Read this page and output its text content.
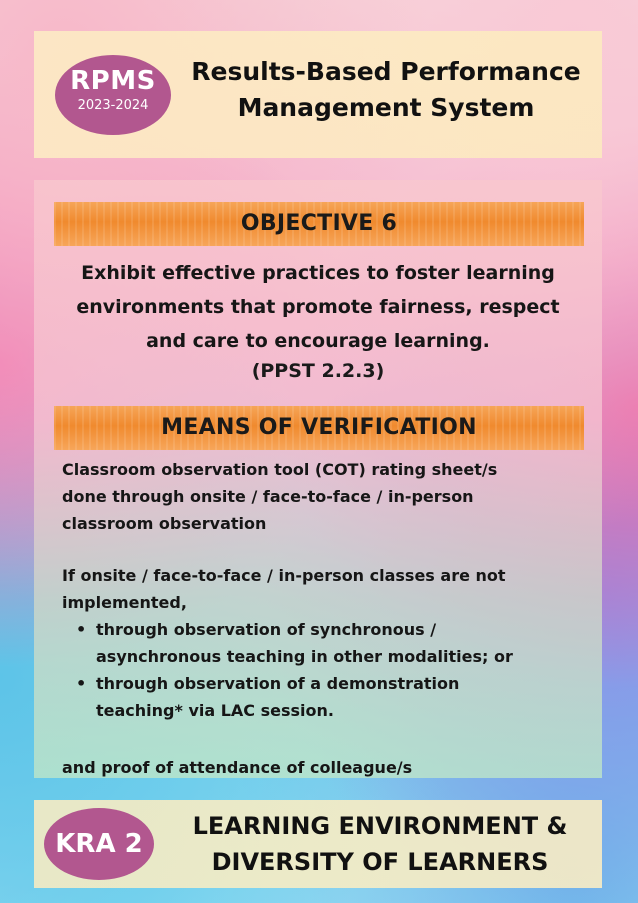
RPMS
2023-2024
Results-Based Performance
Management System
OBJECTIVE 6
Exhibit effective practices to foster learning
environments that promote fairness, respect
and care to encourage learning.
(PPST 2.2.3)
MEANS OF VERIFICATION
Classroom observation tool (COT) rating sheet/s
done through onsite / face-to-face / in-person
classroom observation
If onsite / face-to-face / in-person classes are not
implemented,
• through observation of synchronous /
asynchronous teaching in other modalities; or
• through observation of a demonstration
teaching* via LAC session.
and proof of attendance of colleague/s
KRA 2
LEARNING ENVIRONMENT &
DIVERSITY OF LEARNERS
